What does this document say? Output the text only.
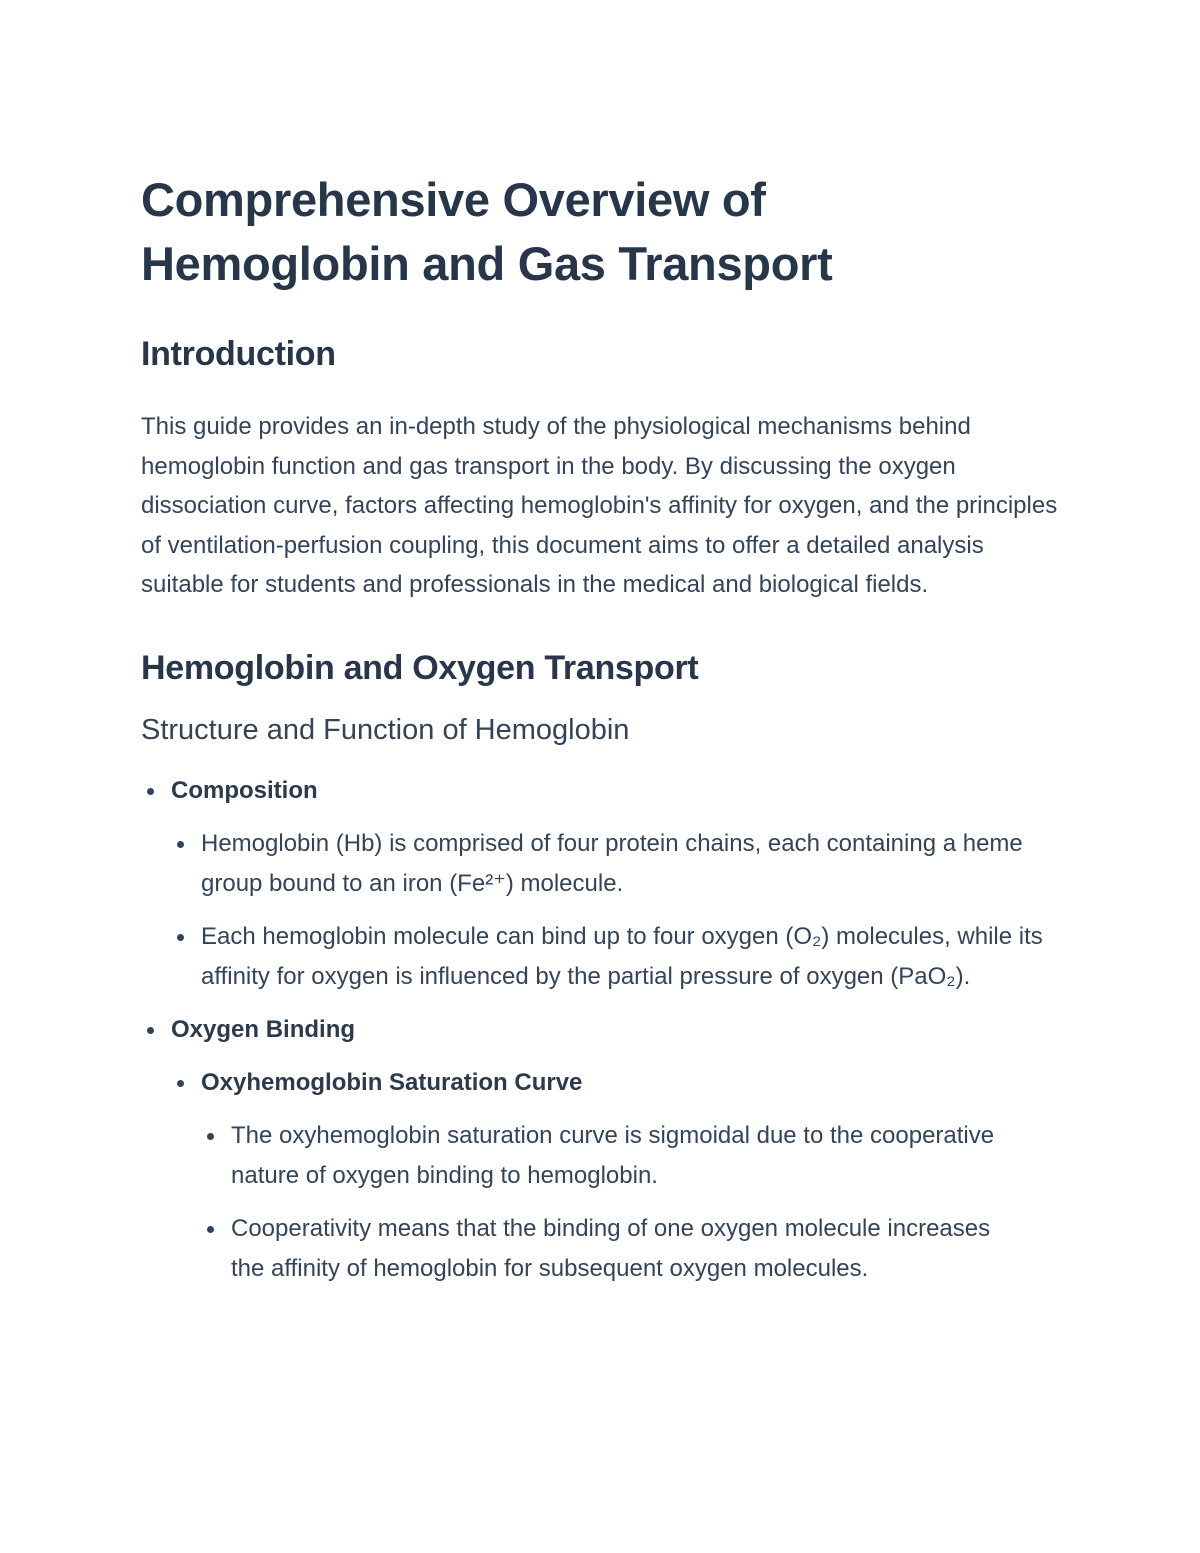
Comprehensive Overview of Hemoglobin and Gas Transport
Introduction

This guide provides an in-depth study of the physiological mechanisms behind hemoglobin function and gas transport in the body. By discussing the oxygen dissociation curve, factors affecting hemoglobin's affinity for oxygen, and the principles of ventilation-perfusion coupling, this document aims to offer a detailed analysis suitable for students and professionals in the medical and biological fields.

Hemoglobin and Oxygen Transport
Structure and Function of Hemoglobin
Composition
Hemoglobin (Hb) is comprised of four protein chains, each containing a heme group bound to an iron (Fe²⁺) molecule.
Each hemoglobin molecule can bind up to four oxygen (O₂) molecules, while its affinity for oxygen is influenced by the partial pressure of oxygen (PaO₂).
Oxygen Binding
Oxyhemoglobin Saturation Curve
The oxyhemoglobin saturation curve is sigmoidal due to the cooperative nature of oxygen binding to hemoglobin.
Cooperativity means that the binding of one oxygen molecule increases the affinity of hemoglobin for subsequent oxygen molecules.
